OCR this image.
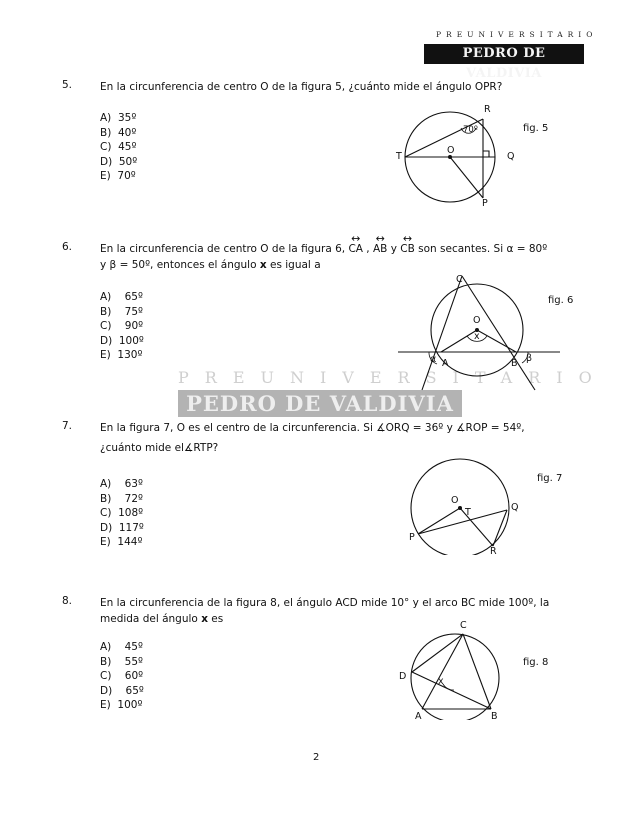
PREUNIVERSITARIO
PEDRO DE VALDIVIA
PREUNIVERSITARIO
PEDRO DE VALDIVIA
5.	En la circunferencia de centro O de la figura 5, ¿cuánto mide el ángulo OPR?
A)  35º
B)  40º
C)  45º
D)  50º
E)  70º
R
T
O
Q
P
70º	fig. 5
6.	En la circunferencia de centro O de la figura 6, ↔ CA , ↔ AB y ↔ CB son secantes. Si α = 80º
y β = 50º, entonces el ángulo x es igual a
A)    65º
B)    75º
C)    90º
D)  100º
E)  130º
C
O
x
A	B
α	β
fig. 6
7.	En la figura 7, O es el centro de la circunferencia. Si ∡ORQ = 36º y ∡ROP = 54º,
¿cuánto mide el∡RTP?
A)    63º
B)    72º
C)  108º
D)  117º
E)  144º
O
T	Q
P
R
fig. 7
8.	En la circunferencia de la figura 8, el ángulo ACD mide 10° y el arco BC mide 100º, la
medida del ángulo x es
A)    45º
B)    55º
C)    60º
D)    65º
E)  100º
C
D	x
A	B
fig. 8
2
